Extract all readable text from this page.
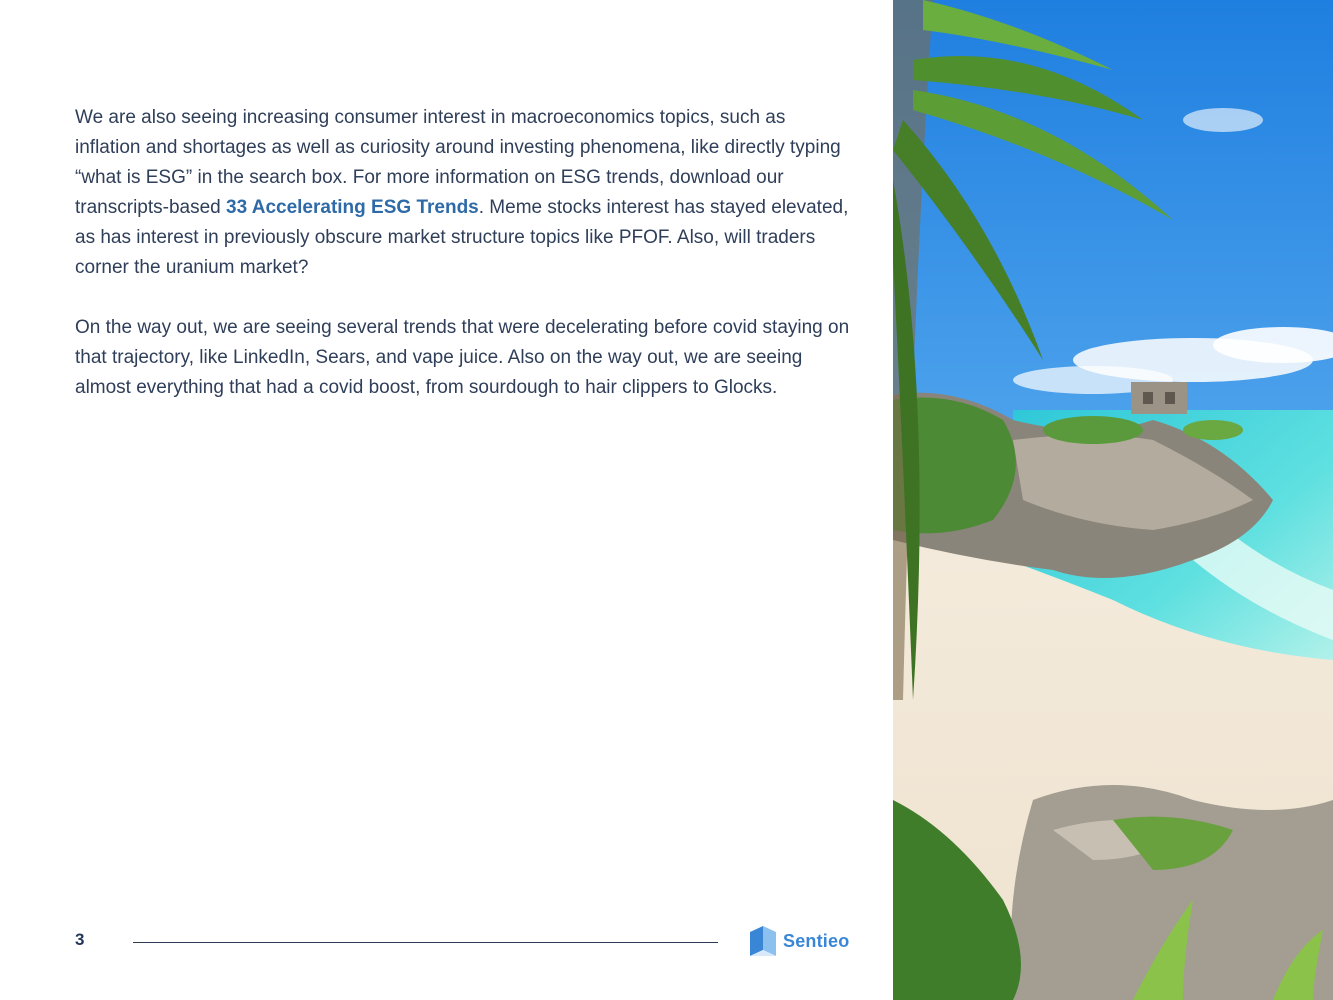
We are also seeing increasing consumer interest in macroeconomics topics, such as inflation and shortages as well as curiosity around investing phenomena, like directly typing “what is ESG” in the search box. For more information on ESG trends, download our transcripts-based 33 Accelerating ESG Trends. Meme stocks interest has stayed elevated, as has interest in previously obscure market structure topics like PFOF. Also, will traders corner the uranium market?

On the way out, we are seeing several trends that were decelerating before covid staying on that trajectory, like LinkedIn, Sears, and vape juice. Also on the way out, we are seeing almost everything that had a covid boost, from sourdough to hair clippers to Glocks.

3	Sentieo
